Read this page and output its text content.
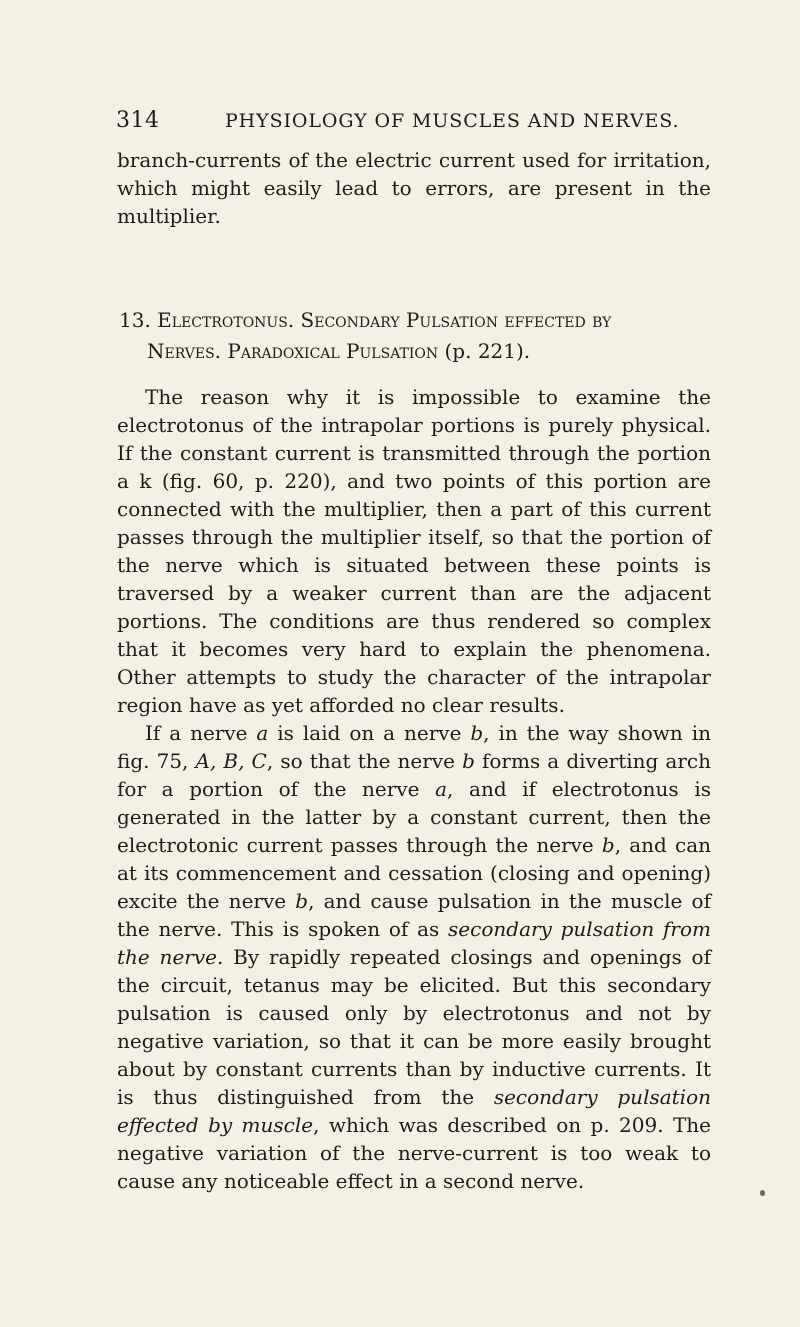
314	PHYSIOLOGY OF MUSCLES AND NERVES.

branch-currents of the electric current used for irritation, which might easily lead to errors, are present in the multiplier.

13. Electrotonus. Secondary Pulsation effected by
Nerves. Paradoxical Pulsation (p. 221).

The reason why it is impossible to examine the electrotonus of the intrapolar portions is purely physical. If the constant current is transmitted through the portion a k (fig. 60, p. 220), and two points of this portion are connected with the multiplier, then a part of this current passes through the multiplier itself, so that the portion of the nerve which is situated between these points is traversed by a weaker current than are the adjacent portions. The conditions are thus rendered so complex that it becomes very hard to explain the phenomena. Other attempts to study the character of the intrapolar region have as yet afforded no clear results.

If a nerve a is laid on a nerve b, in the way shown in fig. 75, A, B, C, so that the nerve b forms a diverting arch for a portion of the nerve a, and if electrotonus is generated in the latter by a constant current, then the electrotonic current passes through the nerve b, and can at its commencement and cessation (closing and opening) excite the nerve b, and cause pulsation in the muscle of the nerve. This is spoken of as secondary pulsation from the nerve. By rapidly repeated closings and openings of the circuit, tetanus may be elicited. But this secondary pulsation is caused only by electrotonus and not by negative variation, so that it can be more easily brought about by constant currents than by inductive currents. It is thus distinguished from the secondary pulsation effected by muscle, which was described on p. 209. The negative variation of the nerve-current is too weak to cause any noticeable effect in a second nerve.
